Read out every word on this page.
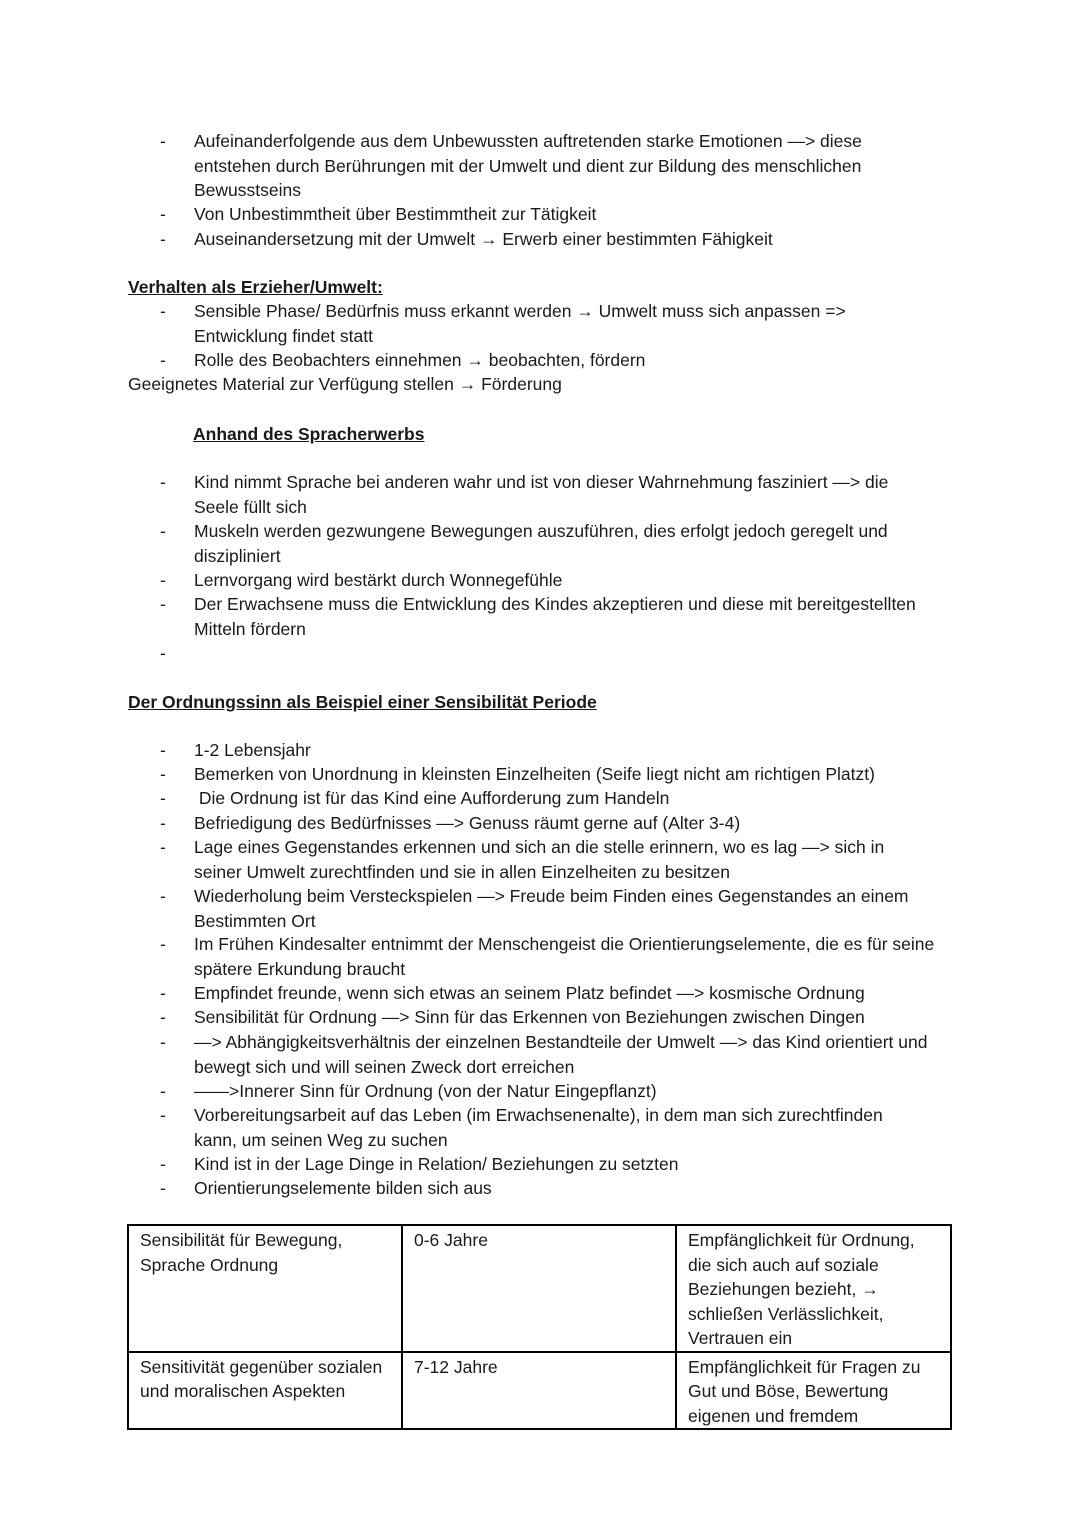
- Aufeinanderfolgende aus dem Unbewussten auftretenden starke Emotionen —> diese entstehen durch Berührungen mit der Umwelt und dient zur Bildung des menschlichen Bewusstseins
- Von Unbestimmtheit über Bestimmtheit zur Tätigkeit
- Auseinandersetzung mit der Umwelt → Erwerb einer bestimmten Fähigkeit
Verhalten als Erzieher/Umwelt:
- Sensible Phase/ Bedürfnis muss erkannt werden → Umwelt muss sich anpassen => Entwicklung findet statt
- Rolle des Beobachters einnehmen → beobachten, fördern
Geeignetes Material zur Verfügung stellen → Förderung
Anhand des Spracherwerbs
- Kind nimmt Sprache bei anderen wahr und ist von dieser Wahrnehmung fasziniert —> die Seele füllt sich
- Muskeln werden gezwungene Bewegungen auszuführen, dies erfolgt jedoch geregelt und diszipliniert
- Lernvorgang wird bestärkt durch Wonnegefühle
- Der Erwachsene muss die Entwicklung des Kindes akzeptieren und diese mit bereitgestellten Mitteln fördern
-
Der Ordnungssinn als Beispiel einer Sensibilität Periode
- 1-2 Lebensjahr
- Bemerken von Unordnung in kleinsten Einzelheiten (Seife liegt nicht am richtigen Platzt)
- Die Ordnung ist für das Kind eine Aufforderung zum Handeln
- Befriedigung des Bedürfnisses —> Genuss räumt gerne auf (Alter 3-4)
- Lage eines Gegenstandes erkennen und sich an die stelle erinnern, wo es lag —> sich in seiner Umwelt zurechtfinden und sie in allen Einzelheiten zu besitzen
- Wiederholung beim Versteckspielen —> Freude beim Finden eines Gegenstandes an einem Bestimmten Ort
- Im Frühen Kindesalter entnimmt der Menschengeist die Orientierungselemente, die es für seine spätere Erkundung braucht
- Empfindet freunde, wenn sich etwas an seinem Platz befindet —> kosmische Ordnung
- Sensibilität für Ordnung —> Sinn für das Erkennen von Beziehungen zwischen Dingen
- —> Abhängigkeitsverhältnis der einzelnen Bestandteile der Umwelt —> das Kind orientiert und bewegt sich und will seinen Zweck dort erreichen
- ——>Innerer Sinn für Ordnung (von der Natur Eingepflanzt)
- Vorbereitungsarbeit auf das Leben (im Erwachsenenalte), in dem man sich zurechtfinden kann, um seinen Weg zu suchen
- Kind ist in der Lage Dinge in Relation/ Beziehungen zu setzten
- Orientierungselemente bilden sich aus
Sensibilität für Bewegung, Sprache Ordnung	0-6 Jahre	Empfänglichkeit für Ordnung, die sich auch auf soziale Beziehungen bezieht, → schließen Verlässlichkeit, Vertrauen ein
Sensitivität gegenüber sozialen und moralischen Aspekten	7-12 Jahre	Empfänglichkeit für Fragen zu Gut und Böse, Bewertung eigenen und fremdem
